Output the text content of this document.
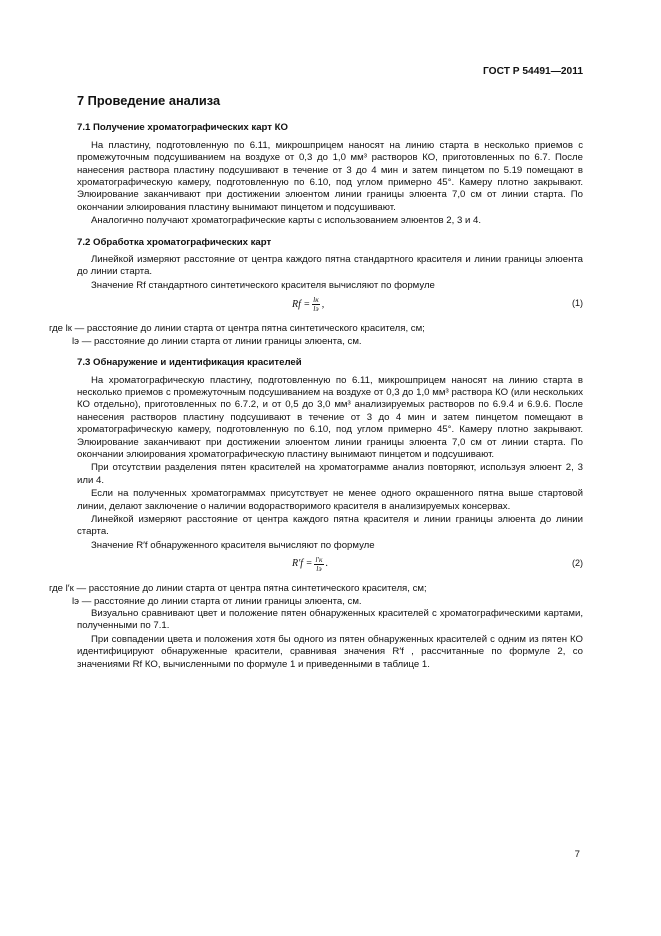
ГОСТ Р 54491—2011
7 Проведение анализа
7.1 Получение хроматографических карт КО
На пластину, подготовленную по 6.11, микрошприцем наносят на линию старта в несколько приемов с промежуточным подсушиванием на воздухе от 0,3 до 1,0 мм³ растворов КО, приготовленных по 6.7. После нанесения раствора пластину подсушивают в течение от 3 до 4 мин и затем пинцетом по 5.19 помещают в хроматографическую камеру, подготовленную по 6.10, под углом примерно 45°. Камеру плотно закрывают. Элюирование заканчивают при достижении элюентом линии границы элюента 7,0 см от линии старта. По окончании элюирования пластину вынимают пинцетом и подсушивают.
Аналогично получают хроматографические карты с использованием элюентов 2, 3 и 4.
7.2 Обработка хроматографических карт
Линейкой измеряют расстояние от центра каждого пятна стандартного красителя и линии границы элюента до линии старта.
Значение Rf стандартного синтетического красителя вычисляют по формуле
$Rf = \frac{lк}{lэ}$ ,	(1)
где lк — расстояние до линии старта от центра пятна синтетического красителя, см;
lэ — расстояние до линии старта от линии границы элюента, см.
7.3 Обнаружение и идентификация красителей
На хроматографическую пластину, подготовленную по 6.11, микрошприцем наносят на линию старта в несколько приемов с промежуточным подсушиванием на воздухе от 0,3 до 1,0 мм³ раствора КО (или нескольких КО отдельно), приготовленных по 6.7.2, и от 0,5 до 3,0 мм³ анализируемых растворов по 6.9.4 и 6.9.6. После нанесения растворов пластину подсушивают в течение от 3 до 4 мин и затем пинцетом помещают в хроматографическую камеру, подготовленную по 6.10, под углом примерно 45°. Камеру плотно закрывают. Элюирование заканчивают при достижении элюентом линии границы элюента 7,0 см от линии старта. По окончании элюирования хроматографическую пластину вынимают пинцетом и подсушивают.
При отсутствии разделения пятен красителей на хроматограмме анализ повторяют, используя элюент 2, 3 или 4.
Если на полученных хроматограммах присутствует не менее одного окрашенного пятна выше стартовой линии, делают заключение о наличии водорастворимого красителя в анализируемых консервах.
Линейкой измеряют расстояние от центра каждого пятна красителя и линии границы элюента до линии старта.
Значение R′f обнаруженного красителя вычисляют по формуле
$R'f = \frac{l'к}{lэ}$ .	(2)
где l′к — расстояние до линии старта от центра пятна синтетического красителя, см;
lэ — расстояние до линии старта от линии границы элюента, см.
Визуально сравнивают цвет и положение пятен обнаруженных красителей с хроматографическими картами, полученными по 7.1.
При совпадении цвета и положения хотя бы одного из пятен обнаруженных красителей с одним из пятен КО идентифицируют обнаруженные красители, сравнивая значения R′f , рассчитанные по формуле 2, со значениями Rf КО, вычисленными по формуле 1 и приведенными в таблице 1.
7
